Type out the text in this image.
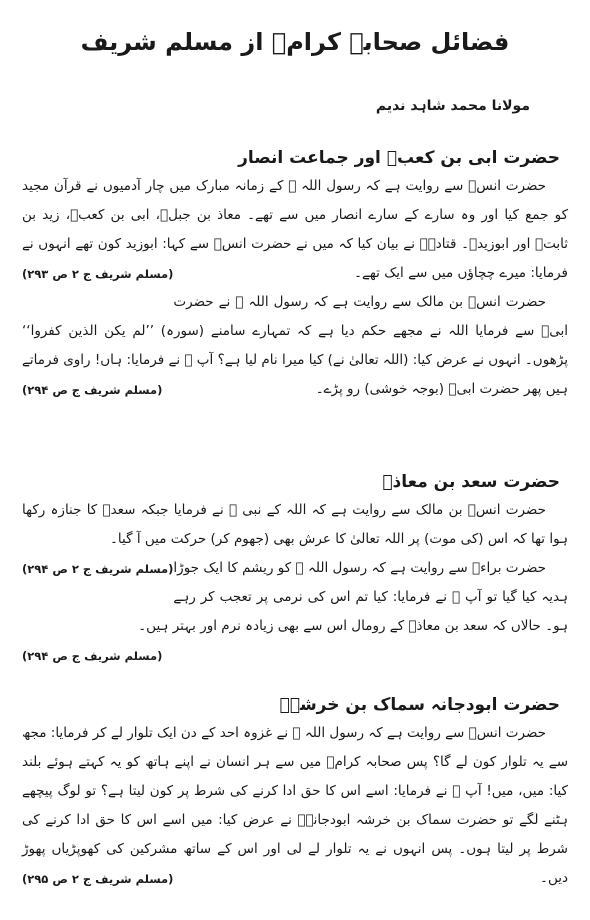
فضائل صحابہ کرامؓ از مسلم شریف
مولانا محمد شاہد ندیم
حضرت ابی بن کعبؓ اور جماعت انصار

حضرت انسؓ سے روایت ہے کہ رسول اللہ ﷺ کے زمانہ مبارک میں چار آدمیوں نے قرآن مجید کو جمع کیا اور وہ سارے کے سارے انصار میں سے تھے۔ معاذ بن جبلؓ، ابی بن کعبؓ، زید بن ثابتؓ اور ابوزیدؓ۔ قتادہؓ نے بیان کیا کہ میں نے حضرت انسؓ سے کہا: ابوزید کون تھے انہوں نے فرمایا: میرے چچاؤں میں سے ایک تھے۔
(مسلم شریف ج ۲ ص ۲۹۳)

حضرت انسؓ بن مالک سے روایت ہے کہ رسول اللہ ﷺ نے حضرت ابیؓ سے فرمایا اللہ نے مجھے حکم دیا ہے کہ تمہارے سامنے (سورہ) ’’لم یکن الذین کفروا‘‘ پڑھوں۔ انہوں نے عرض کیا: (اللہ تعالیٰ نے) کیا میرا نام لیا ہے؟ آپ ﷺ نے فرمایا: ہاں! راوی فرماتے ہیں پھر حضرت ابیؓ (بوجہ خوشی) رو پڑے۔
(مسلم شریف ج ص ۲۹۴)

حضرت سعد بن معاذؓ

حضرت انسؓ بن مالک سے روایت ہے کہ اللہ کے نبی ﷺ نے فرمایا جبکہ سعدؓ کا جنازہ رکھا ہوا تھا کہ اس (کی موت) پر اللہ تعالیٰ کا عرش بھی (جھوم کر) حرکت میں آ گیا۔
(مسلم شریف ج ۲ ص ۲۹۴) حضرت براءؓ سے روایت ہے کہ رسول اللہ ﷺ کو ریشم کا ایک جوڑا ہدیہ کیا گیا تو آپ ﷺ نے فرمایا: کیا تم اس کی نرمی پر تعجب کر رہے ہو۔ حالاں کہ سعد بن معاذؓ کے رومال اس سے بھی زیادہ نرم اور بہتر ہیں۔
(مسلم شریف ج ص ۲۹۴)

حضرت ابودجانہ سماک بن خرشہؓ

حضرت انسؓ سے روایت ہے کہ رسول اللہ ﷺ نے غزوہ احد کے دن ایک تلوار لے کر فرمایا: مجھ سے یہ تلوار کون لے گا؟ پس صحابہ کرامؓ میں سے ہر انسان نے اپنے ہاتھ کو یہ کہتے ہوئے بلند کیا: میں، میں! آپ ﷺ نے فرمایا: اسے اس کا حق ادا کرنے کی شرط پر کون لیتا ہے؟ تو لوگ پیچھے ہٹنے لگے تو حضرت سماک بن خرشہ ابودجانہؓ نے عرض کیا: میں اسے اس کا حق ادا کرنے کی شرط پر لیتا ہوں۔ پس انہوں نے یہ تلوار لے لی اور اس کے ساتھ مشرکین کی کھوپڑیاں پھوڑ دیں۔
(مسلم شریف ج ۲ ص ۲۹۵)
